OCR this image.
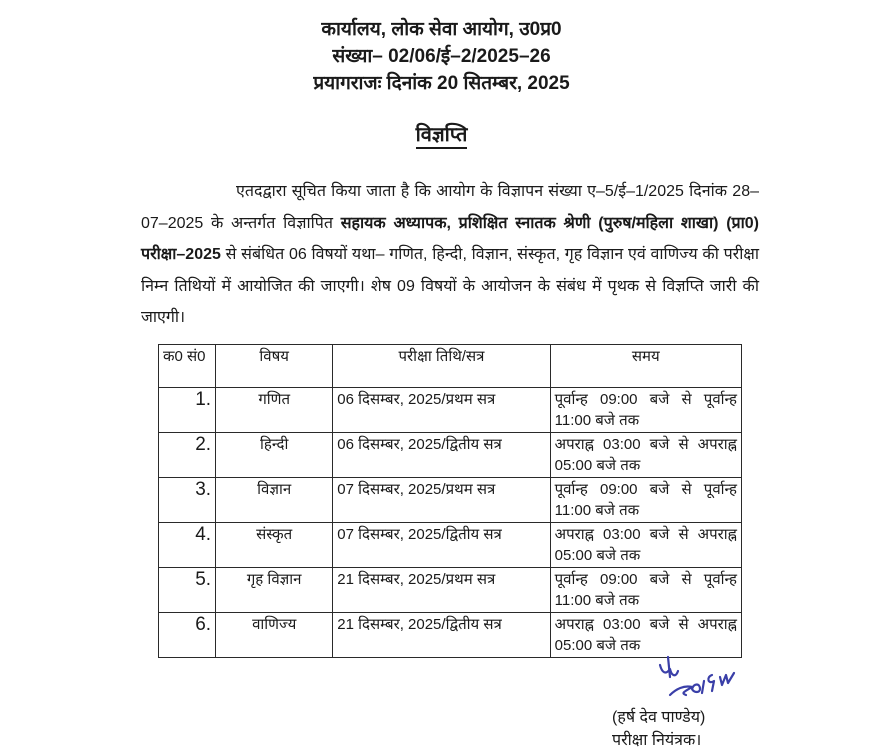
कार्यालय, लोक सेवा आयोग, उ0प्र0
संख्या– 02/06/ई–2/2025–26
प्रयागराजः दिनांक 20 सितम्बर, 2025
विज्ञप्ति
एतदद्वारा सूचित किया जाता है कि आयोग के विज्ञापन संख्या ए–5/ई–1/2025 दिनांक 28–07–2025 के अन्तर्गत विज्ञापित सहायक अध्यापक, प्रशिक्षित स्नातक श्रेणी (पुरुष/महिला शाखा) (प्रा0) परीक्षा–2025 से संबंधित 06 विषयों यथा– गणित, हिन्दी, विज्ञान, संस्कृत, गृह विज्ञान एवं वाणिज्य की परीक्षा निम्न तिथियों में आयोजित की जाएगी। शेष 09 विषयों के आयोजन के संबंध में पृथक से विज्ञप्ति जारी की जाएगी।
क0 सं0	विषय	परीक्षा तिथि/सत्र	समय
1.	गणित	06 दिसम्बर, 2025/प्रथम सत्र	पूर्वान्ह 09:00 बजे से पूर्वान्ह 11:00 बजे तक
2.	हिन्दी	06 दिसम्बर, 2025/द्वितीय सत्र	अपराह्न 03:00 बजे से अपराह्न 05:00 बजे तक
3.	विज्ञान	07 दिसम्बर, 2025/प्रथम सत्र	पूर्वान्ह 09:00 बजे से पूर्वान्ह 11:00 बजे तक
4.	संस्कृत	07 दिसम्बर, 2025/द्वितीय सत्र	अपराह्न 03:00 बजे से अपराह्न 05:00 बजे तक
5.	गृह विज्ञान	21 दिसम्बर, 2025/प्रथम सत्र	पूर्वान्ह 09:00 बजे से पूर्वान्ह 11:00 बजे तक
6.	वाणिज्य	21 दिसम्बर, 2025/द्वितीय सत्र	अपराह्न 03:00 बजे से अपराह्न 05:00 बजे तक
(हर्ष देव पाण्डेय)
परीक्षा नियंत्रक।
